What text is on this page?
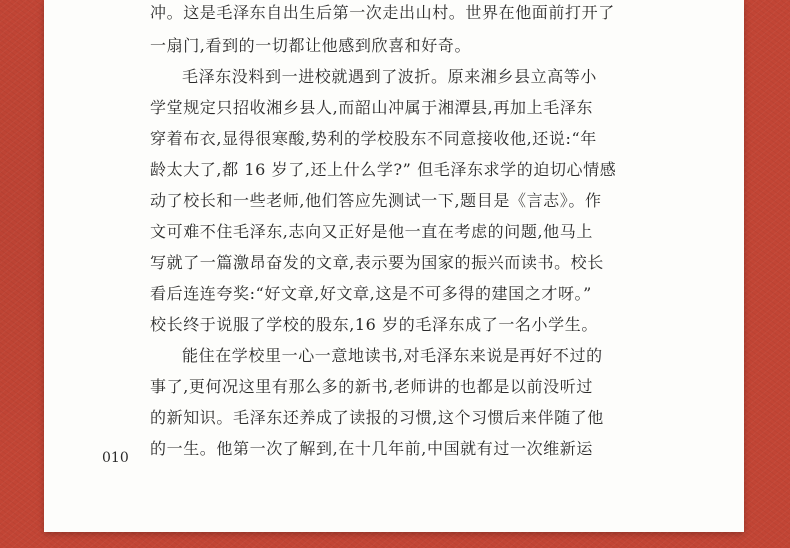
冲。这是毛泽东自出生后第一次走出山村。世界在他面前打开了
一扇门,看到的一切都让他感到欣喜和好奇。
毛泽东没料到一进校就遇到了波折。原来湘乡县立高等小
学堂规定只招收湘乡县人,而韶山冲属于湘潭县,再加上毛泽东
穿着布衣,显得很寒酸,势利的学校股东不同意接收他,还说:“年
龄太大了,都 16 岁了,还上什么学?” 但毛泽东求学的迫切心情感
动了校长和一些老师,他们答应先测试一下,题目是《言志》。作
文可难不住毛泽东,志向又正好是他一直在考虑的问题,他马上
写就了一篇激昂奋发的文章,表示要为国家的振兴而读书。校长
看后连连夸奖:“好文章,好文章,这是不可多得的建国之才呀。”
校长终于说服了学校的股东,16 岁的毛泽东成了一名小学生。
能住在学校里一心一意地读书,对毛泽东来说是再好不过的
事了,更何况这里有那么多的新书,老师讲的也都是以前没听过
的新知识。毛泽东还养成了读报的习惯,这个习惯后来伴随了他
的一生。他第一次了解到,在十几年前,中国就有过一次维新运
010
